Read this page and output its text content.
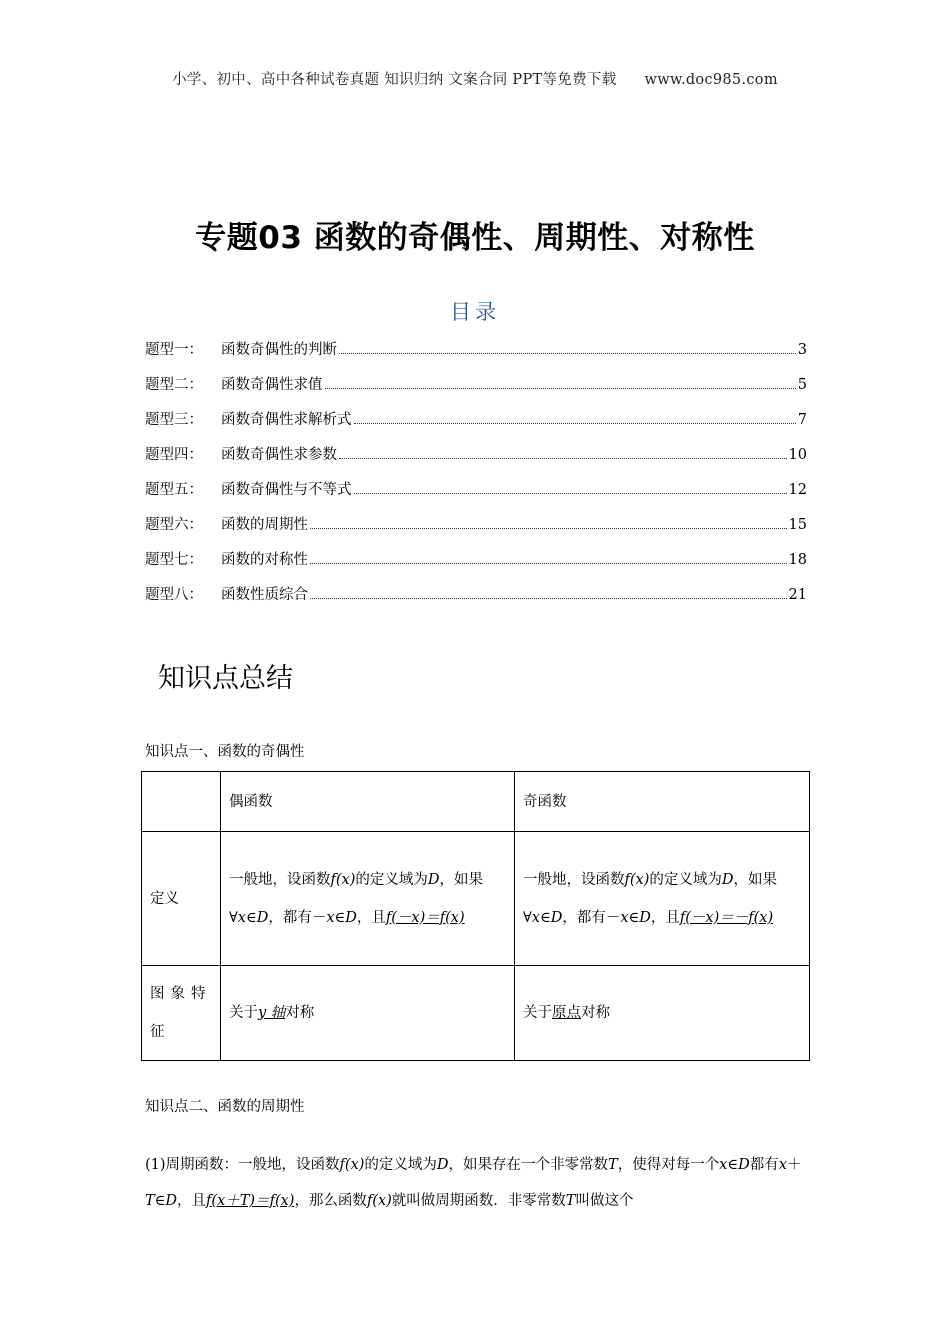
小学、初中、高中各种试卷真题 知识归纳 文案合同 PPT等免费下载 www.doc985.com
专题03 函数的奇偶性、周期性、对称性
目录
题型一：	函数奇偶性的判断	3
题型二：	函数奇偶性求值	5
题型三：	函数奇偶性求解析式	7
题型四：	函数奇偶性求参数	10
题型五：	函数奇偶性与不等式	12
题型六：	函数的周期性	15
题型七：	函数的对称性	18
题型八：	函数性质综合	21
知识点总结
知识点一、函数的奇偶性
	偶函数	奇函数
定义	一般地，设函数f(x)的定义域为D，如果∀x∈D，都有－x∈D，且f(－x)＝f(x)	一般地，设函数f(x)的定义域为D，如果∀x∈D，都有－x∈D，且f(－x)＝－f(x)
图象特征	关于y 轴对称	关于原点对称
知识点二、函数的周期性
(1)周期函数：一般地，设函数f(x)的定义域为D，如果存在一个非零常数T，使得对每一个x∈D都有x＋T∈D，且f(x＋T)＝f(x)，那么函数f(x)就叫做周期函数．非零常数T叫做这个
